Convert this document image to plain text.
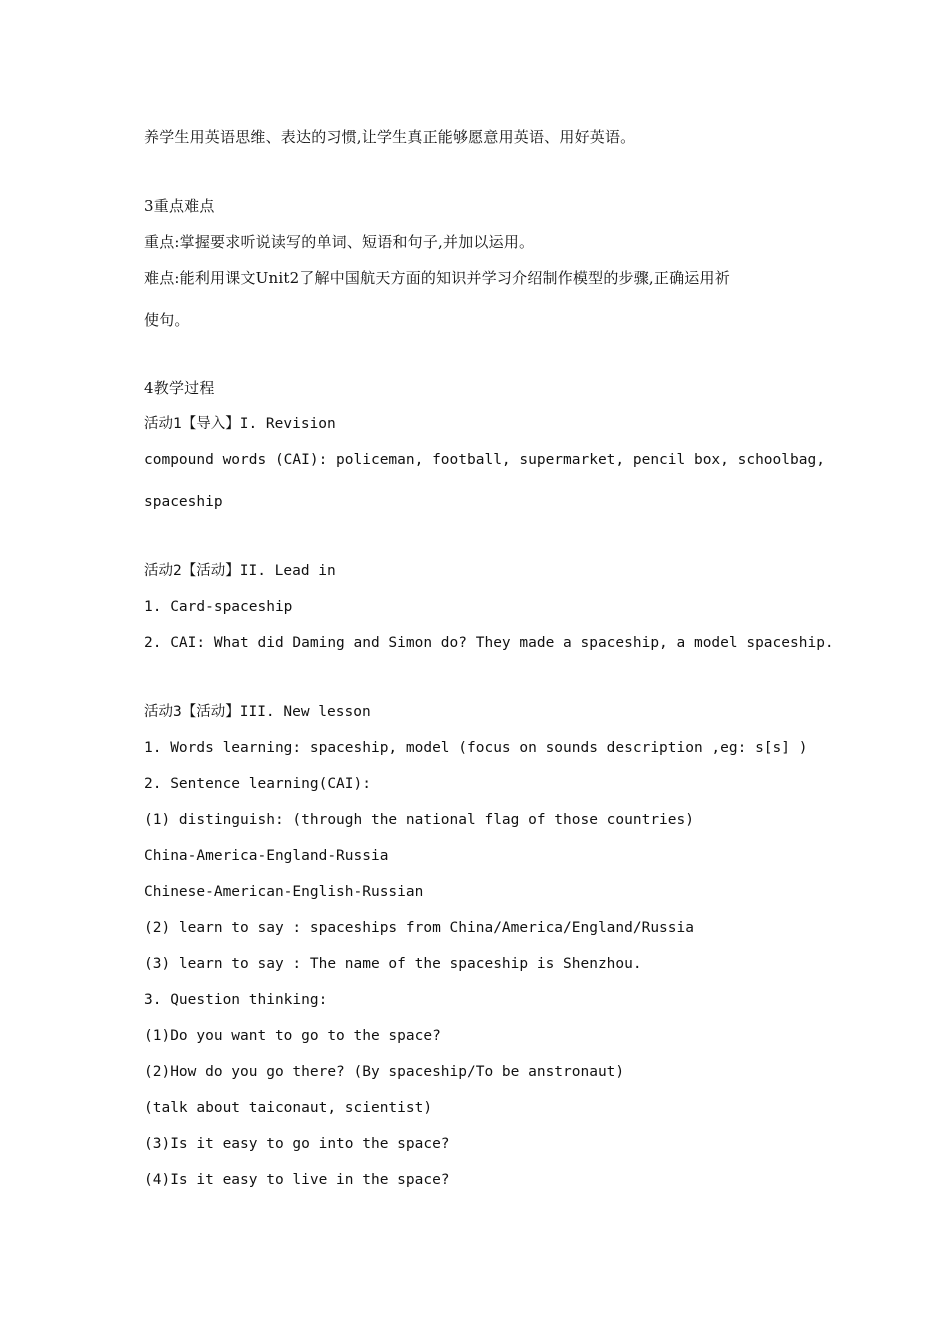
养学生用英语思维、表达的习惯,让学生真正能够愿意用英语、用好英语。
3重点难点
重点:掌握要求听说读写的单词、短语和句子,并加以运用。
难点:能利用课文Unit2了解中国航天方面的知识并学习介绍制作模型的步骤,正确运用祈
使句。
4教学过程
活动1【导入】I. Revision
compound words (CAI): policeman, football, supermarket, pencil box, schoolbag,
spaceship
活动2【活动】II. Lead in
1. Card-spaceship
2. CAI: What did Daming and Simon do? They made a spaceship, a model spaceship.
活动3【活动】III. New lesson
1. Words learning: spaceship, model (focus on sounds description ,eg: s[s] )
2. Sentence learning(CAI):
(1) distinguish: (through the national flag of those countries)
China-America-England-Russia
Chinese-American-English-Russian
(2) learn to say : spaceships from China/America/England/Russia
(3) learn to say : The name of the spaceship is Shenzhou.
3. Question thinking:
(1)Do you want to go to the space?
(2)How do you go there? (By spaceship/To be anstronaut)
(talk about taiconaut, scientist)
(3)Is it easy to go into the space?
(4)Is it easy to live in the space?
